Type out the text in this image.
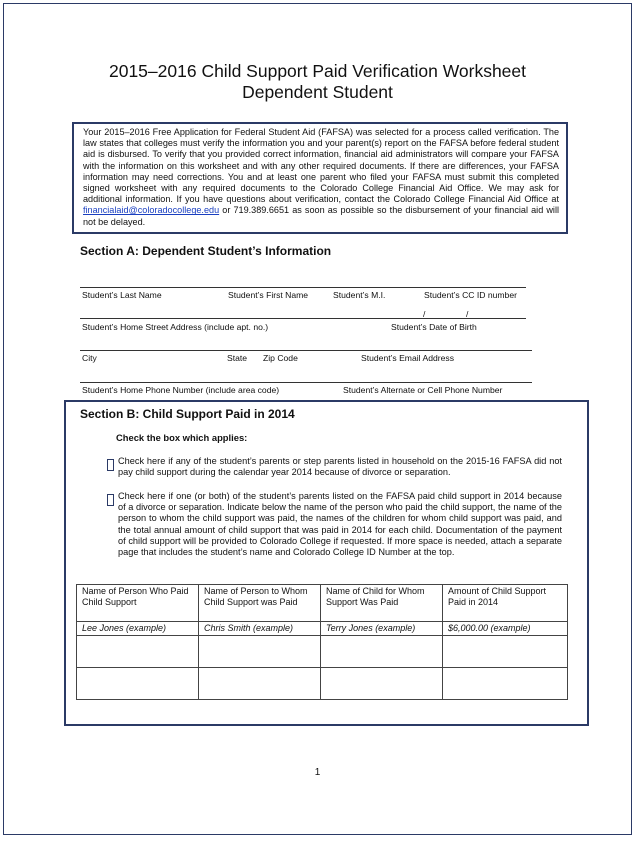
2015–2016 Child Support Paid Verification Worksheet
Dependent Student
Your 2015–2016 Free Application for Federal Student Aid (FAFSA) was selected for a process called verification. The law states that colleges must verify the information you and your parent(s) report on the FAFSA before federal student aid is disbursed. To verify that you provided correct information, financial aid administrators will compare your FAFSA with the information on this worksheet and with any other required documents. If there are differences, your FAFSA information may need corrections. You and at least one parent who filed your FAFSA must submit this completed signed worksheet with any required documents to the Colorado College Financial Aid Office. We may ask for additional information. If you have questions about verification, contact the Colorado College Financial Aid Office at financialaid@coloradocollege.edu or 719.389.6651 as soon as possible so the disbursement of your financial aid will not be delayed.
Section A: Dependent Student’s Information
Student’s Last Name	Student’s First Name	Student’s M.I.	Student’s CC ID number
/	/
Student’s Home Street Address (include apt. no.)	Student’s Date of Birth
City	State Zip Code	Student’s Email Address
Student’s Home Phone Number (include area code)	Student’s Alternate or Cell Phone Number
Section B: Child Support Paid in 2014
Check the box which applies:
Check here if any of the student’s parents or step parents listed in household on the 2015-16 FAFSA did not pay child support during the calendar year 2014 because of divorce or separation.
Check here if one (or both) of the student’s parents listed on the FAFSA paid child support in 2014 because of a divorce or separation. Indicate below the name of the person who paid the child support, the name of the person to whom the child support was paid, the names of the children for whom child support was paid, and the total annual amount of child support that was paid in 2014 for each child. Documentation of the payment of child support will be provided to Colorado College if requested. If more space is needed, attach a separate page that includes the student’s name and Colorado College ID Number at the top.
Name of Person Who Paid Child Support	Name of Person to Whom Child Support was Paid	Name of Child for Whom Support Was Paid	Amount of Child Support Paid in 2014
Lee Jones (example)	Chris Smith (example)	Terry Jones (example)	$6,000.00 (example)

1
